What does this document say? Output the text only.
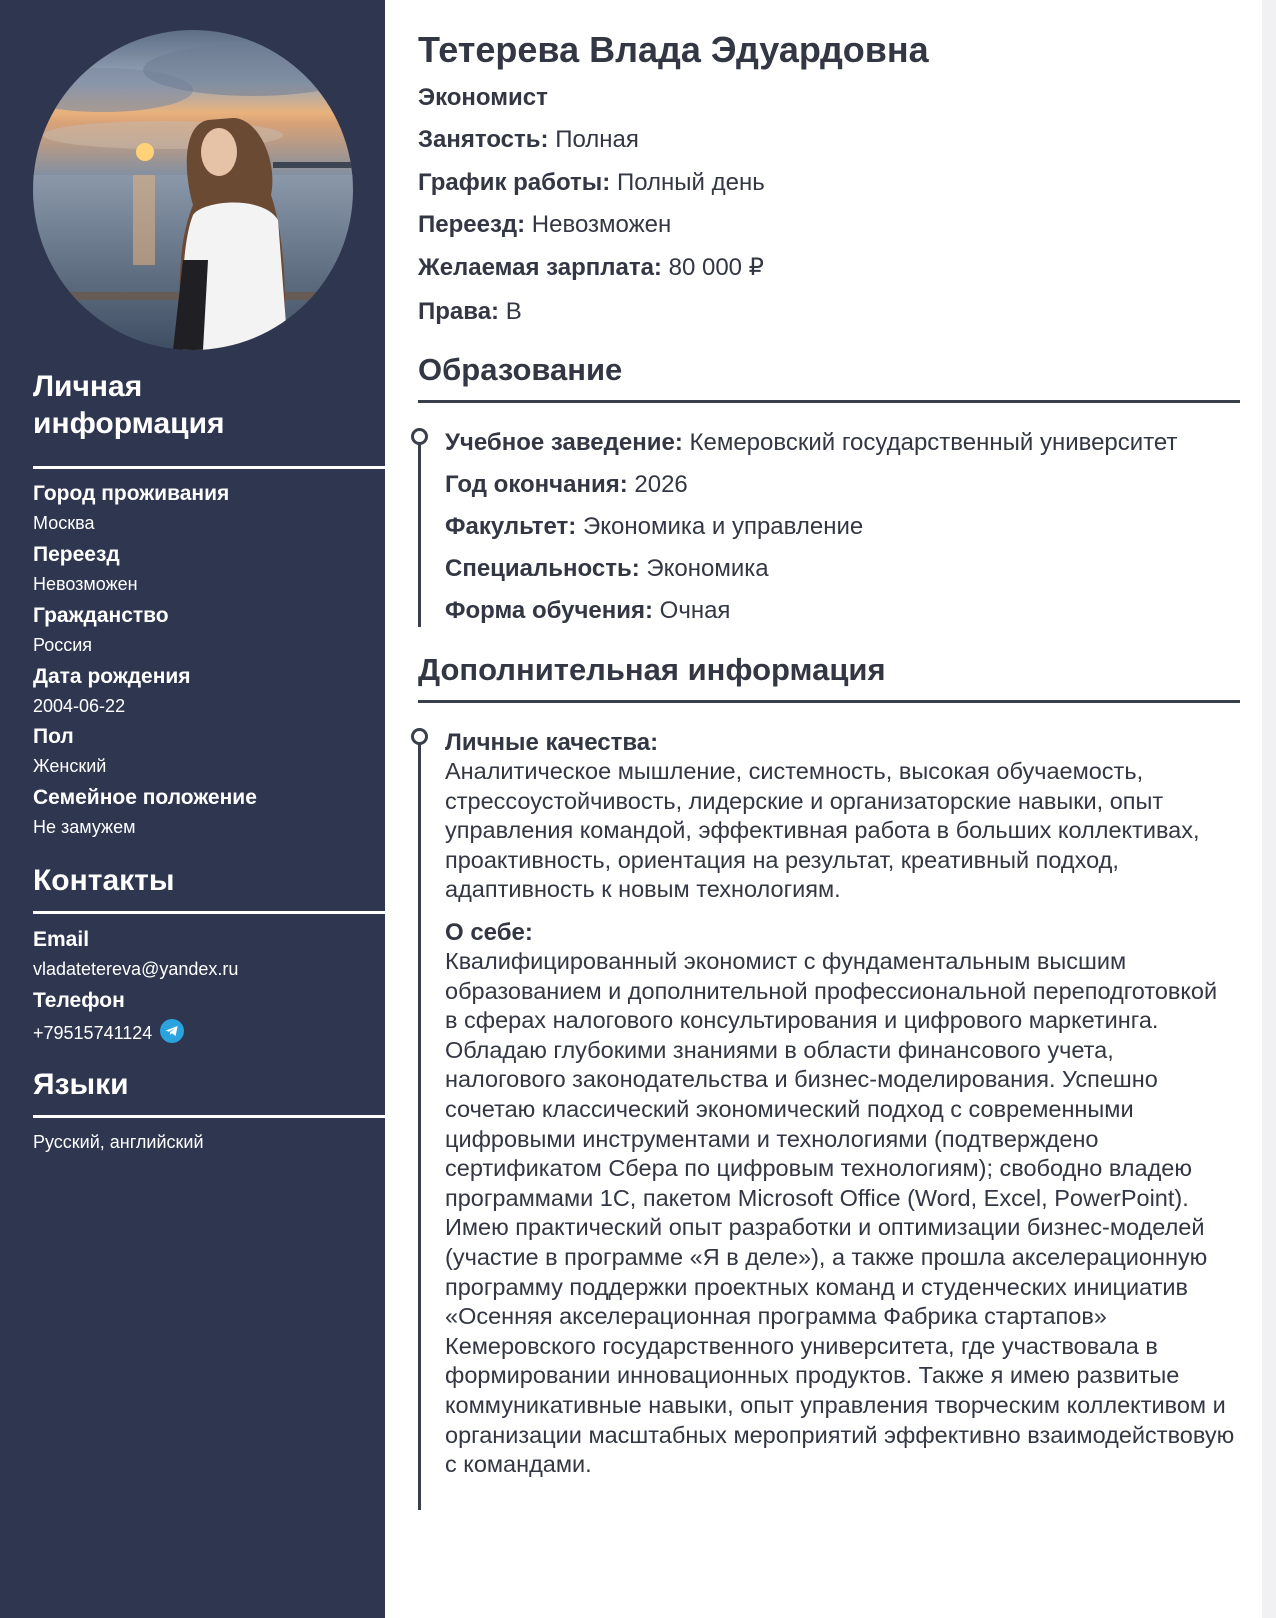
Личная
информация
Город проживания
Москва
Переезд
Невозможен
Гражданство
Россия
Дата рождения
2004-06-22
Пол
Женский
Семейное положение
Не замужем
Контакты
Email
vladatetereva@yandex.ru
Телефон
+79515741124
Языки
Русский, английский
Тетерева Влада Эдуардовна
Экономист
Занятость: Полная
График работы: Полный день
Переезд: Невозможен
Желаемая зарплата: 80 000 ₽
Права: B
Образование
Учебное заведение: Кемеровский государственный университет
Год окончания: 2026
Факультет: Экономика и управление
Специальность: Экономика
Форма обучения: Очная
Дополнительная информация
Личные качества:
Аналитическое мышление, системность, высокая обучаемость, стрессоустойчивость, лидерские и организаторские навыки, опыт управления командой, эффективная работа в больших коллективах, проактивность, ориентация на результат, креативный подход, адаптивность к новым технологиям.
О себе:
Квалифицированный экономист с фундаментальным высшим образованием и дополнительной профессиональной переподготовкой в сферах налогового консультирования и цифрового маркетинга. Обладаю глубокими знаниями в области финансового учета, налогового законодательства и бизнес-моделирования. Успешно сочетаю классический экономический подход с современными цифровыми инструментами и технологиями (подтверждено сертификатом Сбера по цифровым технологиям); свободно владею программами 1С, пакетом Microsoft Office (Word, Excel, PowerPoint). Имею практический опыт разработки и оптимизации бизнес-моделей (участие в программе «Я в деле»), а также прошла акселерационную программу поддержки проектных команд и студенческих инициатив «Осенняя акселерационная программа Фабрика стартапов» Кемеровского государственного университета, где участвовала в формировании инновационных продуктов. Также я имею развитые коммуникативные навыки, опыт управления творческим коллективом и организации масштабных мероприятий эффективно взаимодействовую с командами.
